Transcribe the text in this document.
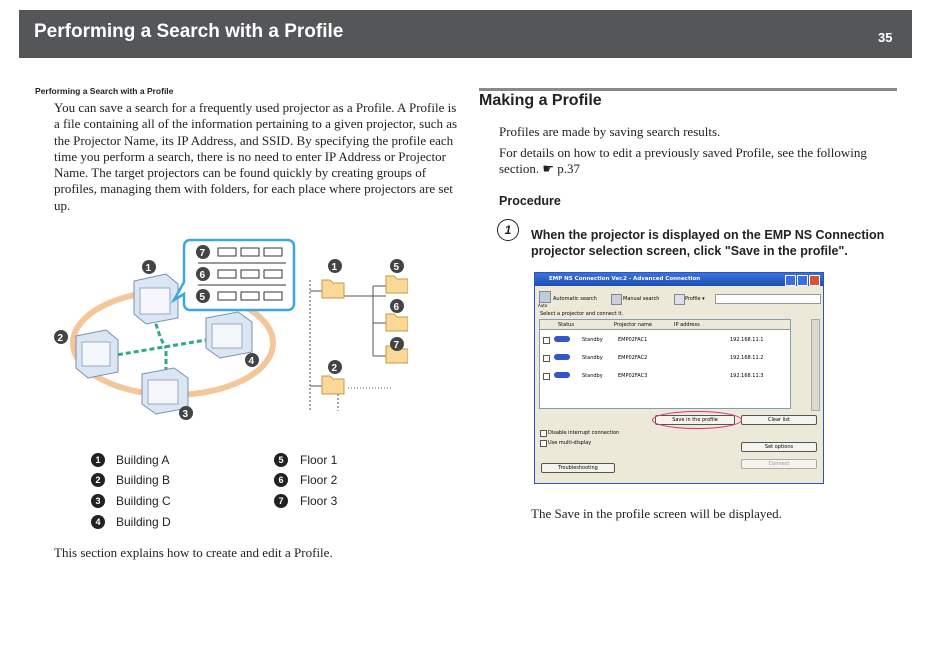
Performing a Search with a Profile	35
Performing a Search with a Profile
You can save a search for a frequently used projector as a Profile. A Profile is a file containing all of the information pertaining to a given projector, such as the Projector Name, its IP Address, and SSID. By specifying the profile each time you perform a search, there is no need to enter IP Address or Projector Name. The target projectors can be found quickly by creating groups of profiles, managing them with folders, for each place where projectors are set up.
7
6
5
1
2
3
4
1	5
6
7
2
1	Building A
2	Building B
3	Building C
4	Building D
5	Floor 1
6	Floor 2
7	Floor 3
This section explains how to create and edit a Profile.
Making a Profile
Profiles are made by saving search results.
For details on how to edit a previously saved Profile, see the following section. ☛ p.37
Procedure
1	When the projector is displayed on the EMP NS Connection projector selection screen, click "Save in the profile".
EMP NS Connection Ver.2 - Advanced Connection
Auto
Automatic search	Manual search	Profile ▾
Select a projector and connect it.
Status	Projector name	IP address
Standby	EMP02FAC1	192.168.11.1
Standby	EMP02FAC2	192.168.11.2
Standby	EMP02FAC3	192.168.11.3
Save in the profile	Clear list
Disable interrupt connection
Use multi-display
Set options
Troubleshooting
Connect
The Save in the profile screen will be displayed.
